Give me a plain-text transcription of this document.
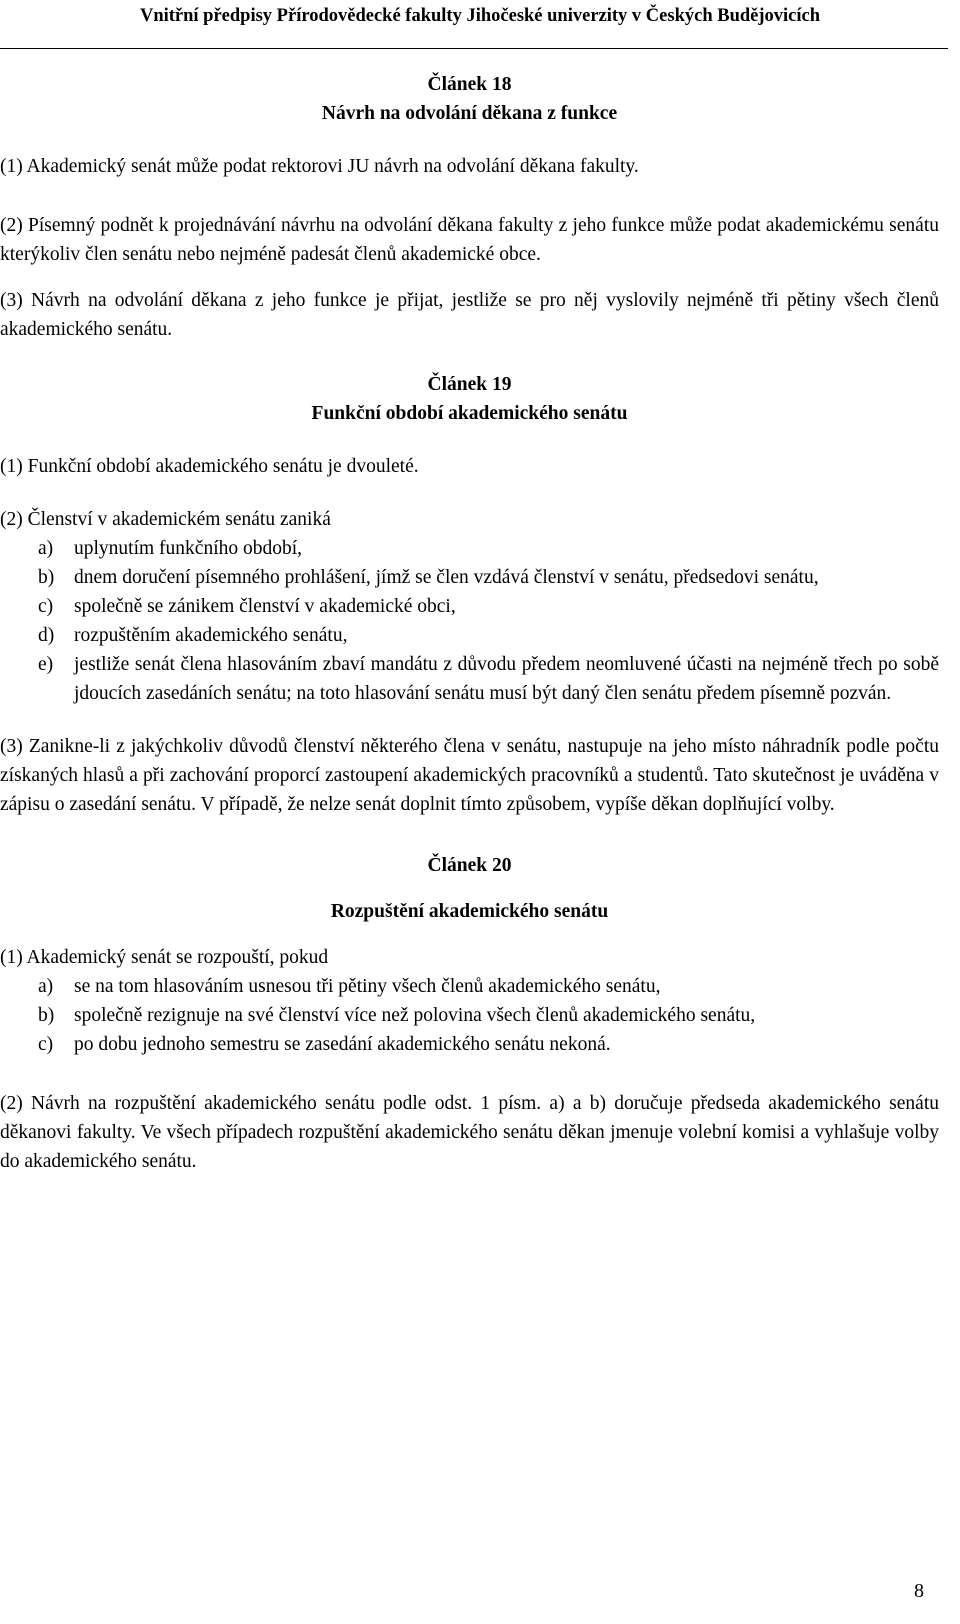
Vnitřní předpisy Přírodovědecké fakulty Jihočeské univerzity v Českých Budějovicích

Článek 18

Návrh na odvolání děkana z funkce

(1) Akademický senát může podat rektorovi JU návrh na odvolání děkana fakulty.

(2) Písemný podnět k projednávání návrhu na odvolání děkana fakulty z jeho funkce může podat akademickému senátu kterýkoliv člen senátu nebo nejméně padesát členů akademické obce.

(3) Návrh na odvolání děkana z jeho funkce je přijat, jestliže se pro něj vyslovily nejméně tři pětiny všech členů akademického senátu.

Článek 19

Funkční období akademického senátu

(1) Funkční období akademického senátu je dvouleté.

(2) Členství v akademickém senátu zaniká

a)	uplynutím funkčního období,
b)	dnem doručení písemného prohlášení, jímž se člen vzdává členství v senátu, předsedovi senátu,
c)	společně se zánikem členství v akademické obci,
d)	rozpuštěním akademického senátu,
e)	jestliže senát člena hlasováním zbaví mandátu z důvodu předem neomluvené účasti na nejméně třech po sobě jdoucích zasedáních senátu; na toto hlasování senátu musí být daný člen senátu předem písemně pozván.

(3) Zanikne-li z jakýchkoliv důvodů členství některého člena v senátu, nastupuje na jeho místo náhradník podle počtu získaných hlasů a při zachování proporcí zastoupení akademických pracovníků a studentů. Tato skutečnost je uváděna v zápisu o zasedání senátu. V případě, že nelze senát doplnit tímto způsobem, vypíše děkan doplňující volby.

Článek 20

Rozpuštění akademického senátu

(1) Akademický senát se rozpouští, pokud

a)	se na tom hlasováním usnesou tři pětiny všech členů akademického senátu,
b)	společně rezignuje na své členství více než polovina všech členů akademického senátu,
c)	po dobu jednoho semestru se zasedání akademického senátu nekoná.

(2) Návrh na rozpuštění akademického senátu podle odst. 1 písm. a) a b) doručuje předseda akademického senátu děkanovi fakulty. Ve všech případech rozpuštění akademického senátu děkan jmenuje volební komisi a vyhlašuje volby do akademického senátu.

8
